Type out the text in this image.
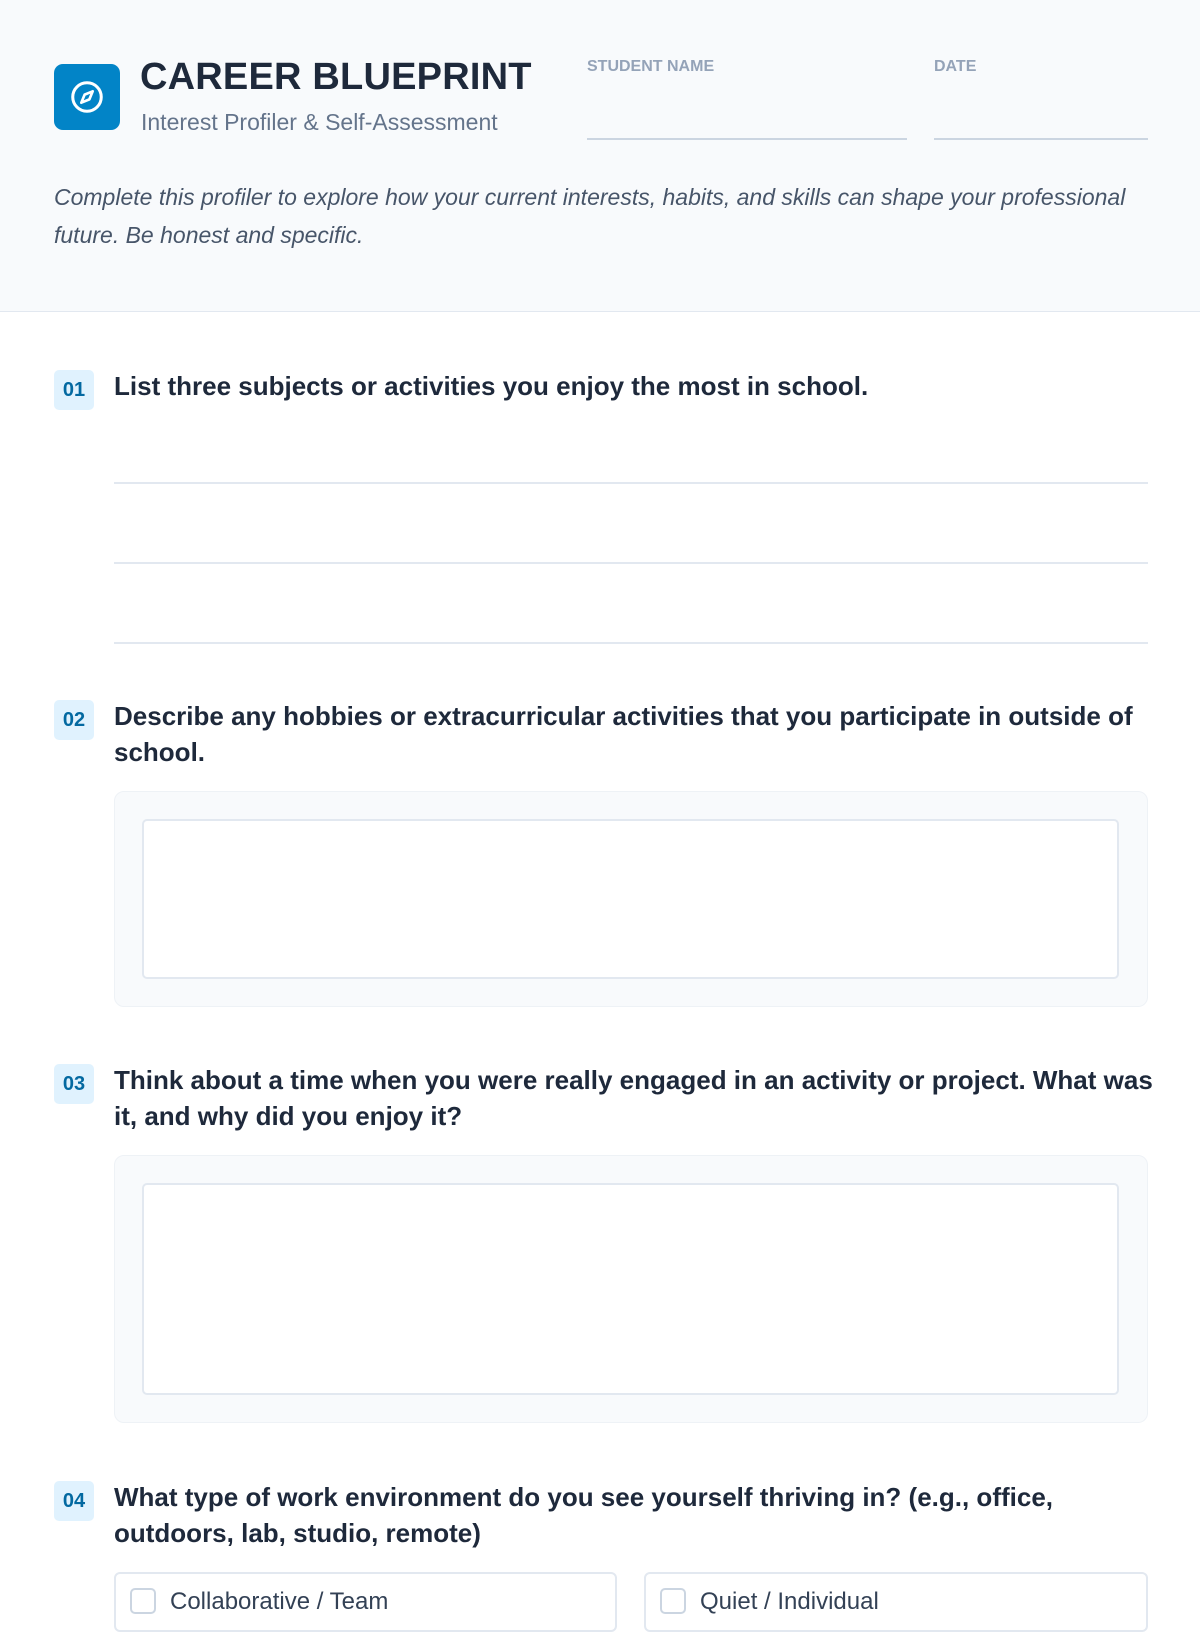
CAREER BLUEPRINT
Interest Profiler & Self-Assessment
STUDENT NAME	DATE
Complete this profiler to explore how your current interests, habits, and skills can shape your professional future. Be honest and specific.
01	List three subjects or activities you enjoy the most in school.
02	Describe any hobbies or extracurricular activities that you participate in outside of school.
03	Think about a time when you were really engaged in an activity or project. What was it, and why did you enjoy it?
04	What type of work environment do you see yourself thriving in? (e.g., office, outdoors, lab, studio, remote)
Collaborative / Team	Quiet / Individual
